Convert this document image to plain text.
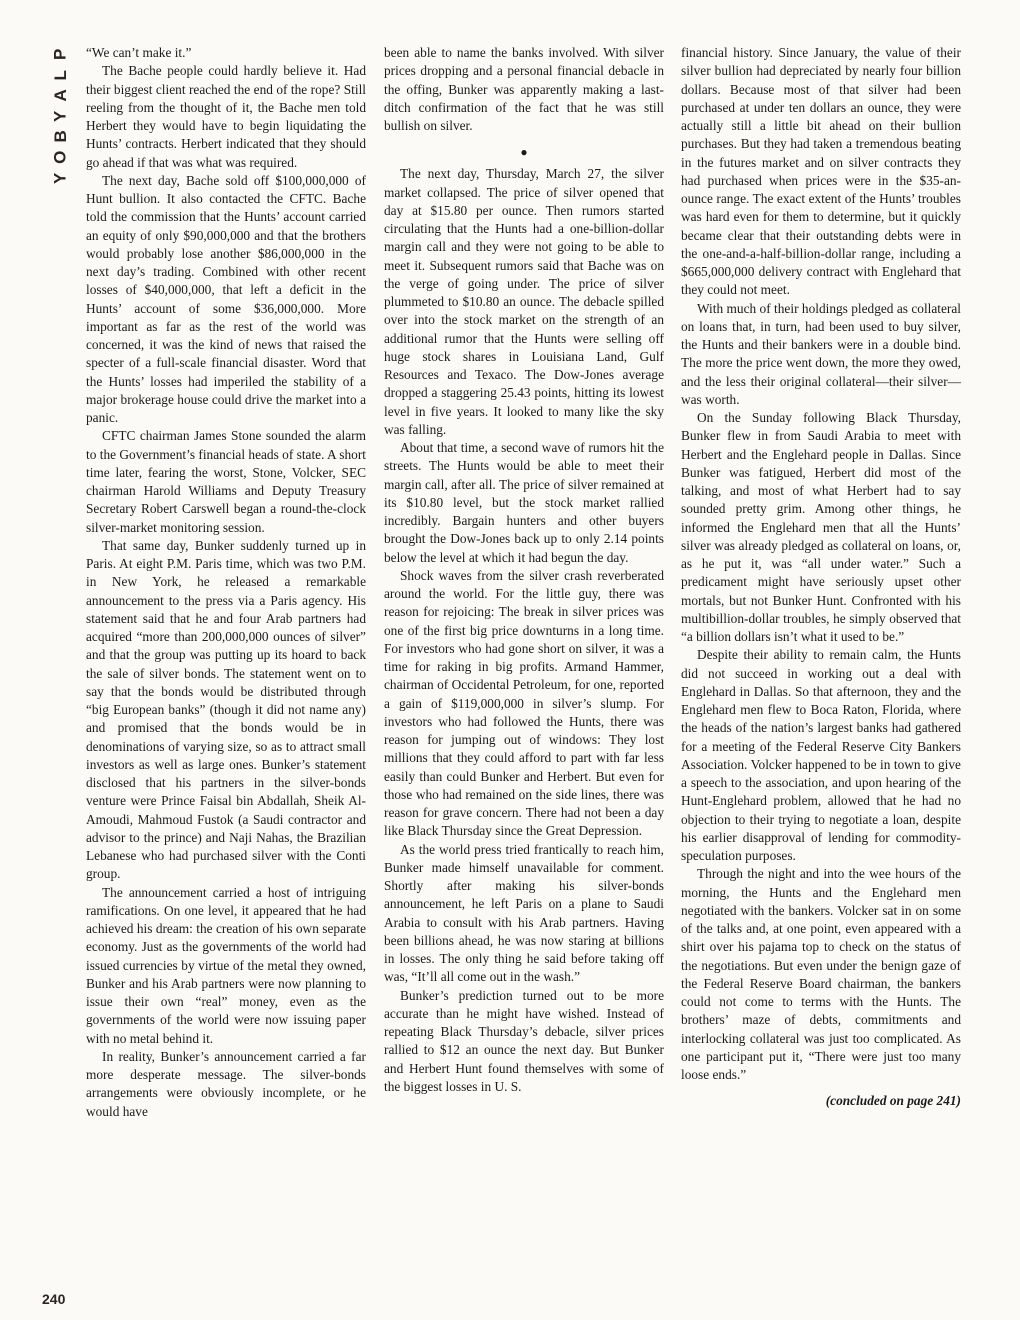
P
L
A
Y
B
O
Y
240

“We can’t make it.”

The Bache people could hardly believe it. Had their biggest client reached the end of the rope? Still reeling from the thought of it, the Bache men told Herbert they would have to begin liquidating the Hunts’ contracts. Herbert indicated that they should go ahead if that was what was required.

The next day, Bache sold off $100,000,000 of Hunt bullion. It also contacted the CFTC. Bache told the commission that the Hunts’ account carried an equity of only $90,000,000 and that the brothers would probably lose another $86,000,000 in the next day’s trading. Combined with other recent losses of $40,000,000, that left a deficit in the Hunts’ account of some $36,000,000. More important as far as the rest of the world was concerned, it was the kind of news that raised the specter of a full-scale financial disaster. Word that the Hunts’ losses had imperiled the stability of a major brokerage house could drive the market into a panic.

CFTC chairman James Stone sounded the alarm to the Government’s financial heads of state. A short time later, fearing the worst, Stone, Volcker, SEC chairman Harold Williams and Deputy Treasury Secretary Robert Carswell began a round-the-clock silver-market monitoring session.

That same day, Bunker suddenly turned up in Paris. At eight P.M. Paris time, which was two P.M. in New York, he released a remarkable announcement to the press via a Paris agency. His statement said that he and four Arab partners had acquired “more than 200,000,000 ounces of silver” and that the group was putting up its hoard to back the sale of silver bonds. The statement went on to say that the bonds would be distributed through “big European banks” (though it did not name any) and promised that the bonds would be in denominations of varying size, so as to attract small investors as well as large ones. Bunker’s statement disclosed that his partners in the silver-bonds venture were Prince Faisal bin Abdallah, Sheik Al-Amoudi, Mahmoud Fustok (a Saudi contractor and advisor to the prince) and Naji Nahas, the Brazilian Lebanese who had purchased silver with the Conti group.

The announcement carried a host of intriguing ramifications. On one level, it appeared that he had achieved his dream: the creation of his own separate economy. Just as the governments of the world had issued currencies by virtue of the metal they owned, Bunker and his Arab partners were now planning to issue their own “real” money, even as the governments of the world were now issuing paper with no metal behind it.

In reality, Bunker’s announcement carried a far more desperate message. The silver-bonds arrangements were obviously incomplete, or he would have

been able to name the banks involved. With silver prices dropping and a personal financial debacle in the offing, Bunker was apparently making a last-ditch confirmation of the fact that he was still bullish on silver.

●

The next day, Thursday, March 27, the silver market collapsed. The price of silver opened that day at $15.80 per ounce. Then rumors started circulating that the Hunts had a one-billion-dollar margin call and they were not going to be able to meet it. Subsequent rumors said that Bache was on the verge of going under. The price of silver plummeted to $10.80 an ounce. The debacle spilled over into the stock market on the strength of an additional rumor that the Hunts were selling off huge stock shares in Louisiana Land, Gulf Resources and Texaco. The Dow-Jones average dropped a staggering 25.43 points, hitting its lowest level in five years. It looked to many like the sky was falling.

About that time, a second wave of rumors hit the streets. The Hunts would be able to meet their margin call, after all. The price of silver remained at its $10.80 level, but the stock market rallied incredibly. Bargain hunters and other buyers brought the Dow-Jones back up to only 2.14 points below the level at which it had begun the day.

Shock waves from the silver crash reverberated around the world. For the little guy, there was reason for rejoicing: The break in silver prices was one of the first big price downturns in a long time. For investors who had gone short on silver, it was a time for raking in big profits. Armand Hammer, chairman of Occidental Petroleum, for one, reported a gain of $119,000,000 in silver’s slump. For investors who had followed the Hunts, there was reason for jumping out of windows: They lost millions that they could afford to part with far less easily than could Bunker and Herbert. But even for those who had remained on the side lines, there was reason for grave concern. There had not been a day like Black Thursday since the Great Depression.

As the world press tried frantically to reach him, Bunker made himself unavailable for comment. Shortly after making his silver-bonds announcement, he left Paris on a plane to Saudi Arabia to consult with his Arab partners. Having been billions ahead, he was now staring at billions in losses. The only thing he said before taking off was, “It’ll all come out in the wash.”

Bunker’s prediction turned out to be more accurate than he might have wished. Instead of repeating Black Thursday’s debacle, silver prices rallied to $12 an ounce the next day. But Bunker and Herbert Hunt found themselves with some of the biggest losses in U. S.

financial history. Since January, the value of their silver bullion had depreciated by nearly four billion dollars. Because most of that silver had been purchased at under ten dollars an ounce, they were actually still a little bit ahead on their bullion purchases. But they had taken a tremendous beating in the futures market and on silver contracts they had purchased when prices were in the $35-an-ounce range. The exact extent of the Hunts’ troubles was hard even for them to determine, but it quickly became clear that their outstanding debts were in the one-and-a-half-billion-dollar range, including a $665,000,000 delivery contract with Englehard that they could not meet.

With much of their holdings pledged as collateral on loans that, in turn, had been used to buy silver, the Hunts and their bankers were in a double bind. The more the price went down, the more they owed, and the less their original collateral—their silver—was worth.

On the Sunday following Black Thursday, Bunker flew in from Saudi Arabia to meet with Herbert and the Englehard people in Dallas. Since Bunker was fatigued, Herbert did most of the talking, and most of what Herbert had to say sounded pretty grim. Among other things, he informed the Englehard men that all the Hunts’ silver was already pledged as collateral on loans, or, as he put it, was “all under water.” Such a predicament might have seriously upset other mortals, but not Bunker Hunt. Confronted with his multibillion-dollar troubles, he simply observed that “a billion dollars isn’t what it used to be.”

Despite their ability to remain calm, the Hunts did not succeed in working out a deal with Englehard in Dallas. So that afternoon, they and the Englehard men flew to Boca Raton, Florida, where the heads of the nation’s largest banks had gathered for a meeting of the Federal Reserve City Bankers Association. Volcker happened to be in town to give a speech to the association, and upon hearing of the Hunt-Englehard problem, allowed that he had no objection to their trying to negotiate a loan, despite his earlier disapproval of lending for commodity-speculation purposes.

Through the night and into the wee hours of the morning, the Hunts and the Englehard men negotiated with the bankers. Volcker sat in on some of the talks and, at one point, even appeared with a shirt over his pajama top to check on the status of the negotiations. But even under the benign gaze of the Federal Reserve Board chairman, the bankers could not come to terms with the Hunts. The brothers’ maze of debts, commitments and interlocking collateral was just too complicated. As one participant put it, “There were just too many loose ends.”

(concluded on page 241)
